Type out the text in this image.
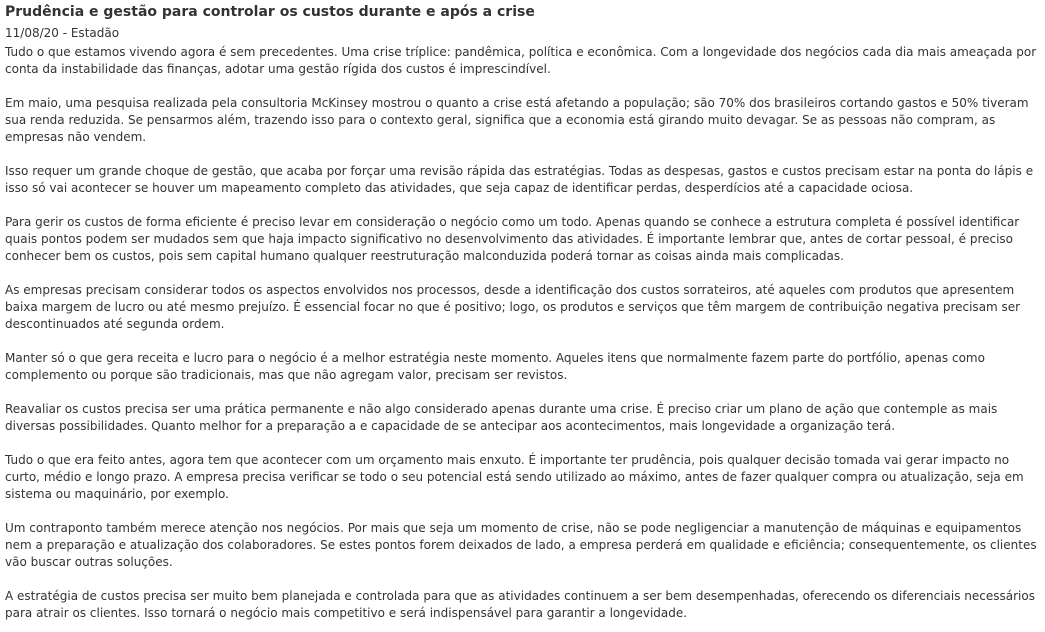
Prudência e gestão para controlar os custos durante e após a crise
11/08/20 - Estadão

Tudo o que estamos vivendo agora é sem precedentes. Uma crise tríplice: pandêmica, política e econômica. Com a longevidade dos negócios cada dia mais ameaçada por conta da instabilidade das finanças, adotar uma gestão rígida dos custos é imprescindível.

Em maio, uma pesquisa realizada pela consultoria McKinsey mostrou o quanto a crise está afetando a população; são 70% dos brasileiros cortando gastos e 50% tiveram sua renda reduzida. Se pensarmos além, trazendo isso para o contexto geral, significa que a economia está girando muito devagar. Se as pessoas não compram, as empresas não vendem.

Isso requer um grande choque de gestão, que acaba por forçar uma revisão rápida das estratégias. Todas as despesas, gastos e custos precisam estar na ponta do lápis e isso só vai acontecer se houver um mapeamento completo das atividades, que seja capaz de identificar perdas, desperdícios até a capacidade ociosa.

Para gerir os custos de forma eficiente é preciso levar em consideração o negócio como um todo. Apenas quando se conhece a estrutura completa é possível identificar quais pontos podem ser mudados sem que haja impacto significativo no desenvolvimento das atividades. É importante lembrar que, antes de cortar pessoal, é preciso conhecer bem os custos, pois sem capital humano qualquer reestruturação malconduzida poderá tornar as coisas ainda mais complicadas.

As empresas precisam considerar todos os aspectos envolvidos nos processos, desde a identificação dos custos sorrateiros, até aqueles com produtos que apresentem baixa margem de lucro ou até mesmo prejuízo. É essencial focar no que é positivo; logo, os produtos e serviços que têm margem de contribuição negativa precisam ser descontinuados até segunda ordem.

Manter só o que gera receita e lucro para o negócio é a melhor estratégia neste momento. Aqueles itens que normalmente fazem parte do portfólio, apenas como complemento ou porque são tradicionais, mas que não agregam valor, precisam ser revistos.

Reavaliar os custos precisa ser uma prática permanente e não algo considerado apenas durante uma crise. É preciso criar um plano de ação que contemple as mais diversas possibilidades. Quanto melhor for a preparação a e capacidade de se antecipar aos acontecimentos, mais longevidade a organização terá.

Tudo o que era feito antes, agora tem que acontecer com um orçamento mais enxuto. É importante ter prudência, pois qualquer decisão tomada vai gerar impacto no curto, médio e longo prazo. A empresa precisa verificar se todo o seu potencial está sendo utilizado ao máximo, antes de fazer qualquer compra ou atualização, seja em sistema ou maquinário, por exemplo.

Um contraponto também merece atenção nos negócios. Por mais que seja um momento de crise, não se pode negligenciar a manutenção de máquinas e equipamentos nem a preparação e atualização dos colaboradores. Se estes pontos forem deixados de lado, a empresa perderá em qualidade e eficiência; consequentemente, os clientes vão buscar outras soluções.

A estratégia de custos precisa ser muito bem planejada e controlada para que as atividades continuem a ser bem desempenhadas, oferecendo os diferenciais necessários para atrair os clientes. Isso tornará o negócio mais competitivo e será indispensável para garantir a longevidade.
